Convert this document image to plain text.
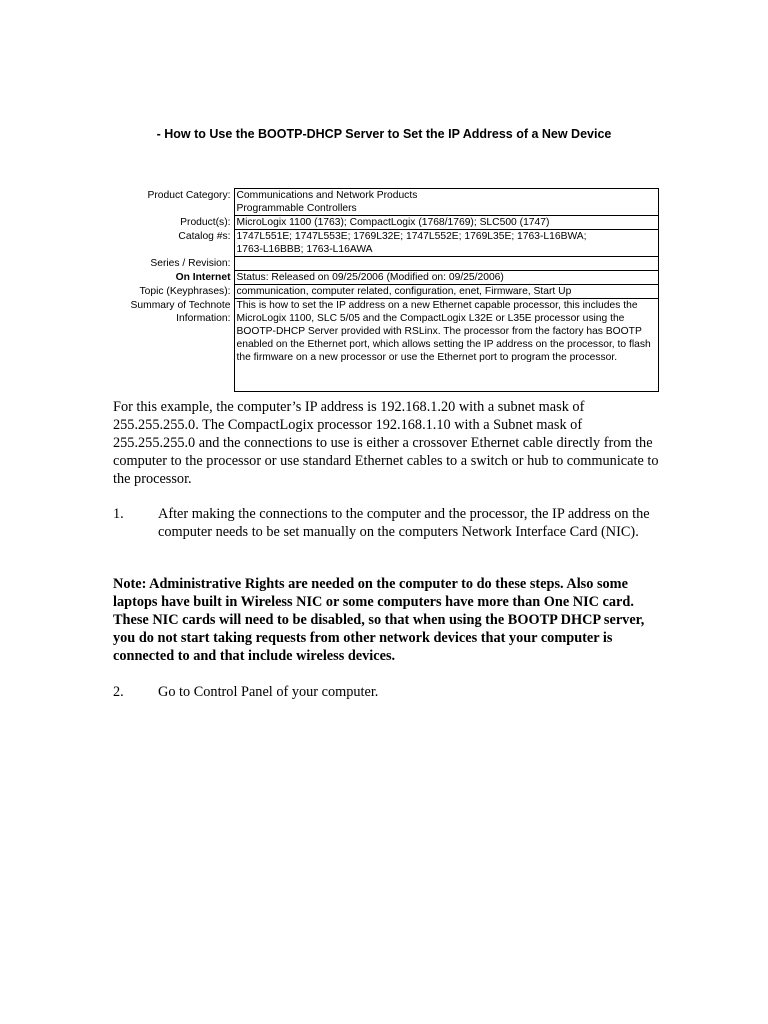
- How to Use the BOOTP-DHCP Server to Set the IP Address of a New Device
Product Category:	Communications and Network Products
Programmable Controllers
Product(s):	MicroLogix 1100 (1763); CompactLogix (1768/1769); SLC500 (1747)
Catalog #s:	1747L551E; 1747L553E; 1769L32E; 1747L552E; 1769L35E; 1763-L16BWA;
1763-L16BBB; 1763-L16AWA
Series / Revision:	
On Internet	Status: Released on 09/25/2006 (Modified on: 09/25/2006)
Topic (Keyphrases):	communication, computer related, configuration, enet, Firmware, Start Up
Summary of Technote
Information:	This is how to set the IP address on a new Ethernet capable processor, this includes the MicroLogix 1100, SLC 5/05 and the CompactLogix L32E or L35E processor using the BOOTP-DHCP Server provided with RSLinx. The processor from the factory has BOOTP enabled on the Ethernet port, which allows setting the IP address on the processor, to flash the firmware on a new processor or use the Ethernet port to program the processor.
For this example, the computer’s IP address is 192.168.1.20 with a subnet mask of 255.255.255.0. The CompactLogix processor 192.168.1.10 with a Subnet mask of 255.255.255.0 and the connections to use is either a crossover Ethernet cable directly from the computer to the processor or use standard Ethernet cables to a switch or hub to communicate to the processor.
1. After making the connections to the computer and the processor, the IP address on the computer needs to be set manually on the computers Network Interface Card (NIC).
Note: Administrative Rights are needed on the computer to do these steps. Also some laptops have built in Wireless NIC or some computers have more than One NIC card. These NIC cards will need to be disabled, so that when using the BOOTP DHCP server, you do not start taking requests from other network devices that your computer is connected to and that include wireless devices.
2. Go to Control Panel of your computer.
